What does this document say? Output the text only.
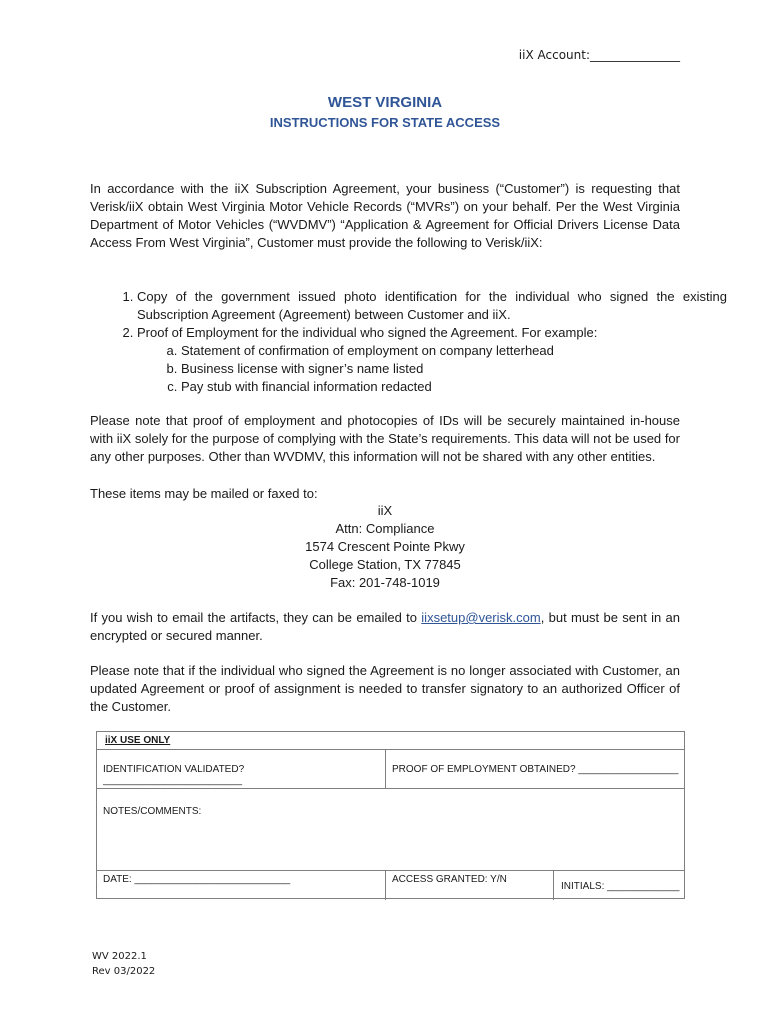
iiX Account:_______________
WEST VIRGINIA
INSTRUCTIONS FOR STATE ACCESS
In accordance with the iiX Subscription Agreement, your business (“Customer”) is requesting that Verisk/iiX obtain West Virginia Motor Vehicle Records (“MVRs”) on your behalf. Per the West Virginia Department of Motor Vehicles (“WVDMV”) “Application & Agreement for Official Drivers License Data Access From West Virginia”, Customer must provide the following to Verisk/iiX:
1. Copy of the government issued photo identification for the individual who signed the existing Subscription Agreement (Agreement) between Customer and iiX.
2. Proof of Employment for the individual who signed the Agreement. For example:
a. Statement of confirmation of employment on company letterhead
b. Business license with signer’s name listed
c. Pay stub with financial information redacted
Please note that proof of employment and photocopies of IDs will be securely maintained in-house with iiX solely for the purpose of complying with the State’s requirements. This data will not be used for any other purposes. Other than WVDMV, this information will not be shared with any other entities.
These items may be mailed or faxed to:
iiX
Attn: Compliance
1574 Crescent Pointe Pkwy
College Station, TX 77845
Fax: 201-748-1019
If you wish to email the artifacts, they can be emailed to iixsetup@verisk.com, but must be sent in an encrypted or secured manner.
Please note that if the individual who signed the Agreement is no longer associated with Customer, an updated Agreement or proof of assignment is needed to transfer signatory to an authorized Officer of the Customer.
iiX USE ONLY
IDENTIFICATION VALIDATED? _________________________
PROOF OF EMPLOYMENT OBTAINED? __________________
NOTES/COMMENTS:
DATE: ____________________________	ACCESS GRANTED: Y/N
INITIALS: _____________
WV 2022.1
Rev 03/2022
